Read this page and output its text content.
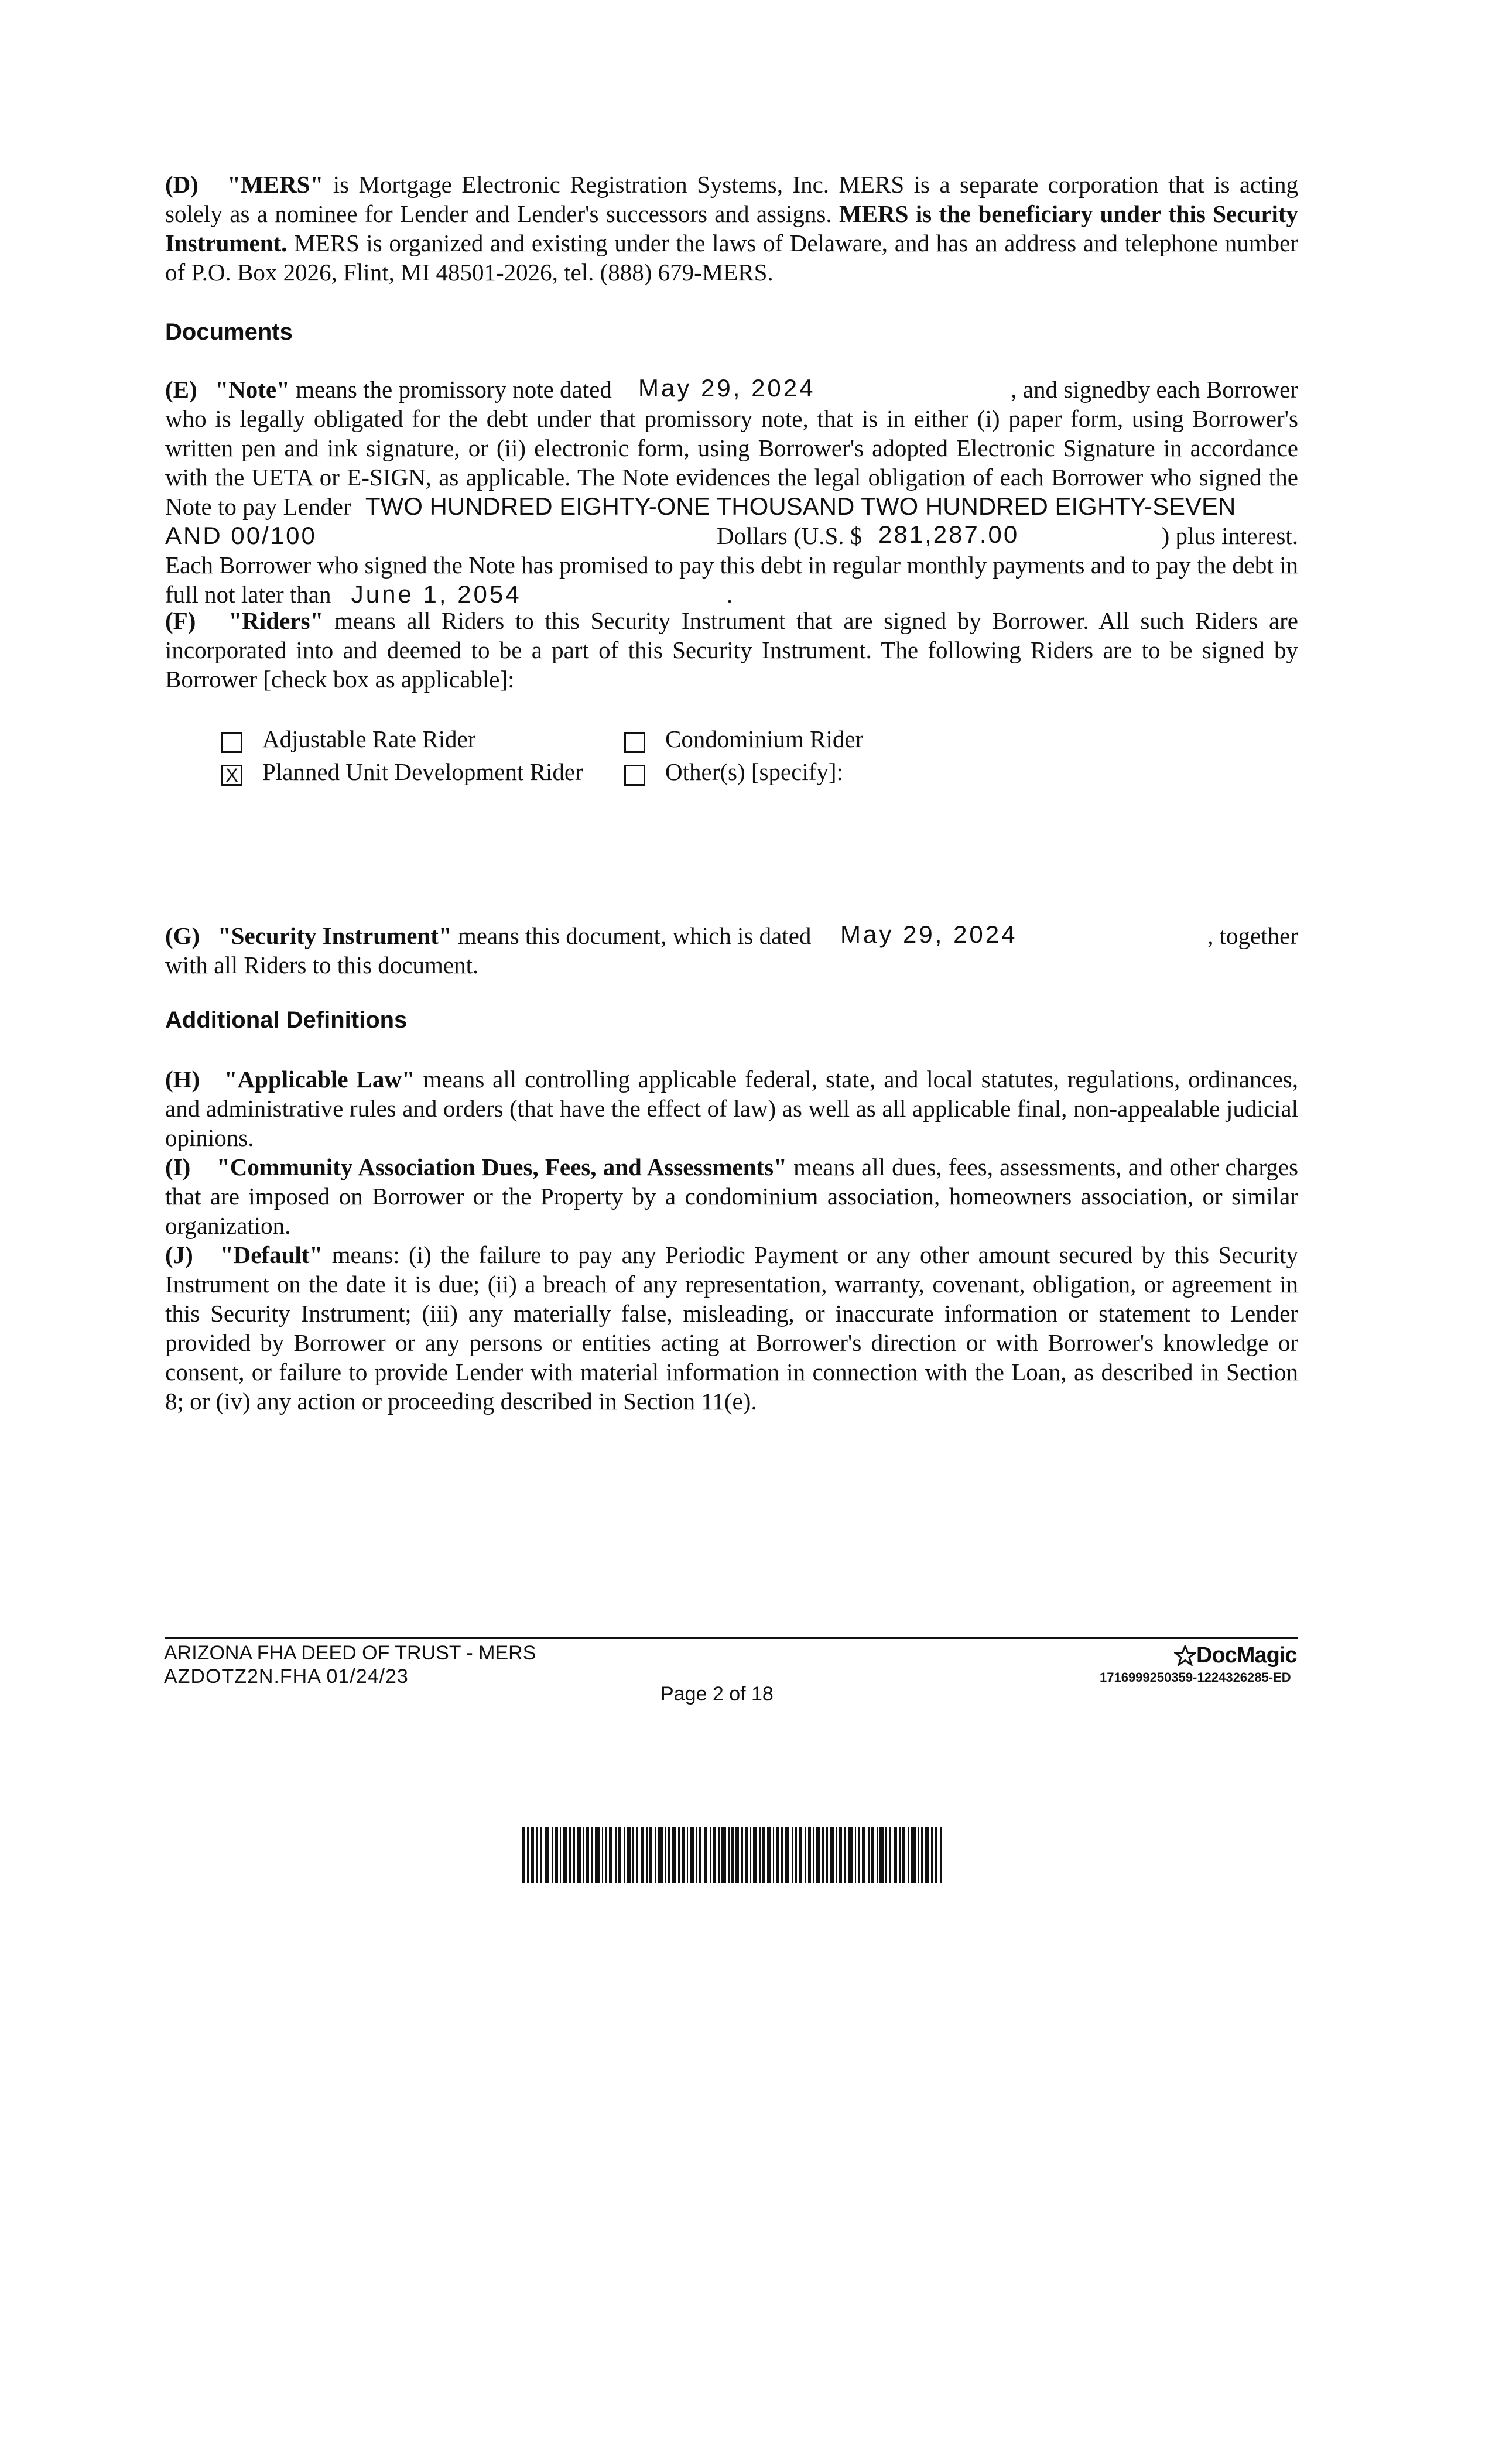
(D) "MERS" is Mortgage Electronic Registration Systems, Inc. MERS is a separate corporation that is acting solely as a nominee for Lender and Lender's successors and assigns. MERS is the beneficiary under this Security Instrument. MERS is organized and existing under the laws of Delaware, and has an address and telephone number of P.O. Box 2026, Flint, MI 48501-2026, tel. (888) 679-MERS.

Documents
(E) "Note" means the promissory note dated May 29, 2024	, and signedby each Borrower

who is legally obligated for the debt under that promissory note, that is in either (i) paper form, using Borrower's written pen and ink signature, or (ii) electronic form, using Borrower's adopted Electronic Signature in accordance with the UETA or E-SIGN, as applicable. The Note evidences the legal obligation of each Borrower who signed the Note to pay Lender TWO HUNDRED EIGHTY-ONE THOUSAND TWO HUNDRED EIGHTY-SEVEN

AND 00/100	Dollars (U.S. $ 281,287.00	) plus interest.

Each Borrower who signed the Note has promised to pay this debt in regular monthly payments and to pay the debt in full not later than June 1, 2054	.

(F) "Riders" means all Riders to this Security Instrument that are signed by Borrower. All such Riders are incorporated into and deemed to be a part of this Security Instrument. The following Riders are to be signed by Borrower [check box as applicable]:

Adjustable Rate Rider	Condominium Rider
X Planned Unit Development Rider	Other(s) [specify]:
(G) "Security Instrument" means this document, which is dated May 29, 2024	, together
with all Riders to this document.
Additional Definitions

(H) "Applicable Law" means all controlling applicable federal, state, and local statutes, regulations, ordinances, and administrative rules and orders (that have the effect of law) as well as all applicable final, non-appealable judicial opinions.

(I) "Community Association Dues, Fees, and Assessments" means all dues, fees, assessments, and other charges that are imposed on Borrower or the Property by a condominium association, homeowners association, or similar organization.

(J) "Default" means: (i) the failure to pay any Periodic Payment or any other amount secured by this Security Instrument on the date it is due; (ii) a breach of any representation, warranty, covenant, obligation, or agreement in this Security Instrument; (iii) any materially false, misleading, or inaccurate information or statement to Lender provided by Borrower or any persons or entities acting at Borrower's direction or with Borrower's knowledge or consent, or failure to provide Lender with material information in connection with the Loan, as described in Section 8; or (iv) any action or proceeding described in Section 11(e).

ARIZONA FHA DEED OF TRUST - MERS
AZDOTZ2N.FHA 01/24/23
Page 2 of 18
DocMagic
1716999250359-1224326285-ED
